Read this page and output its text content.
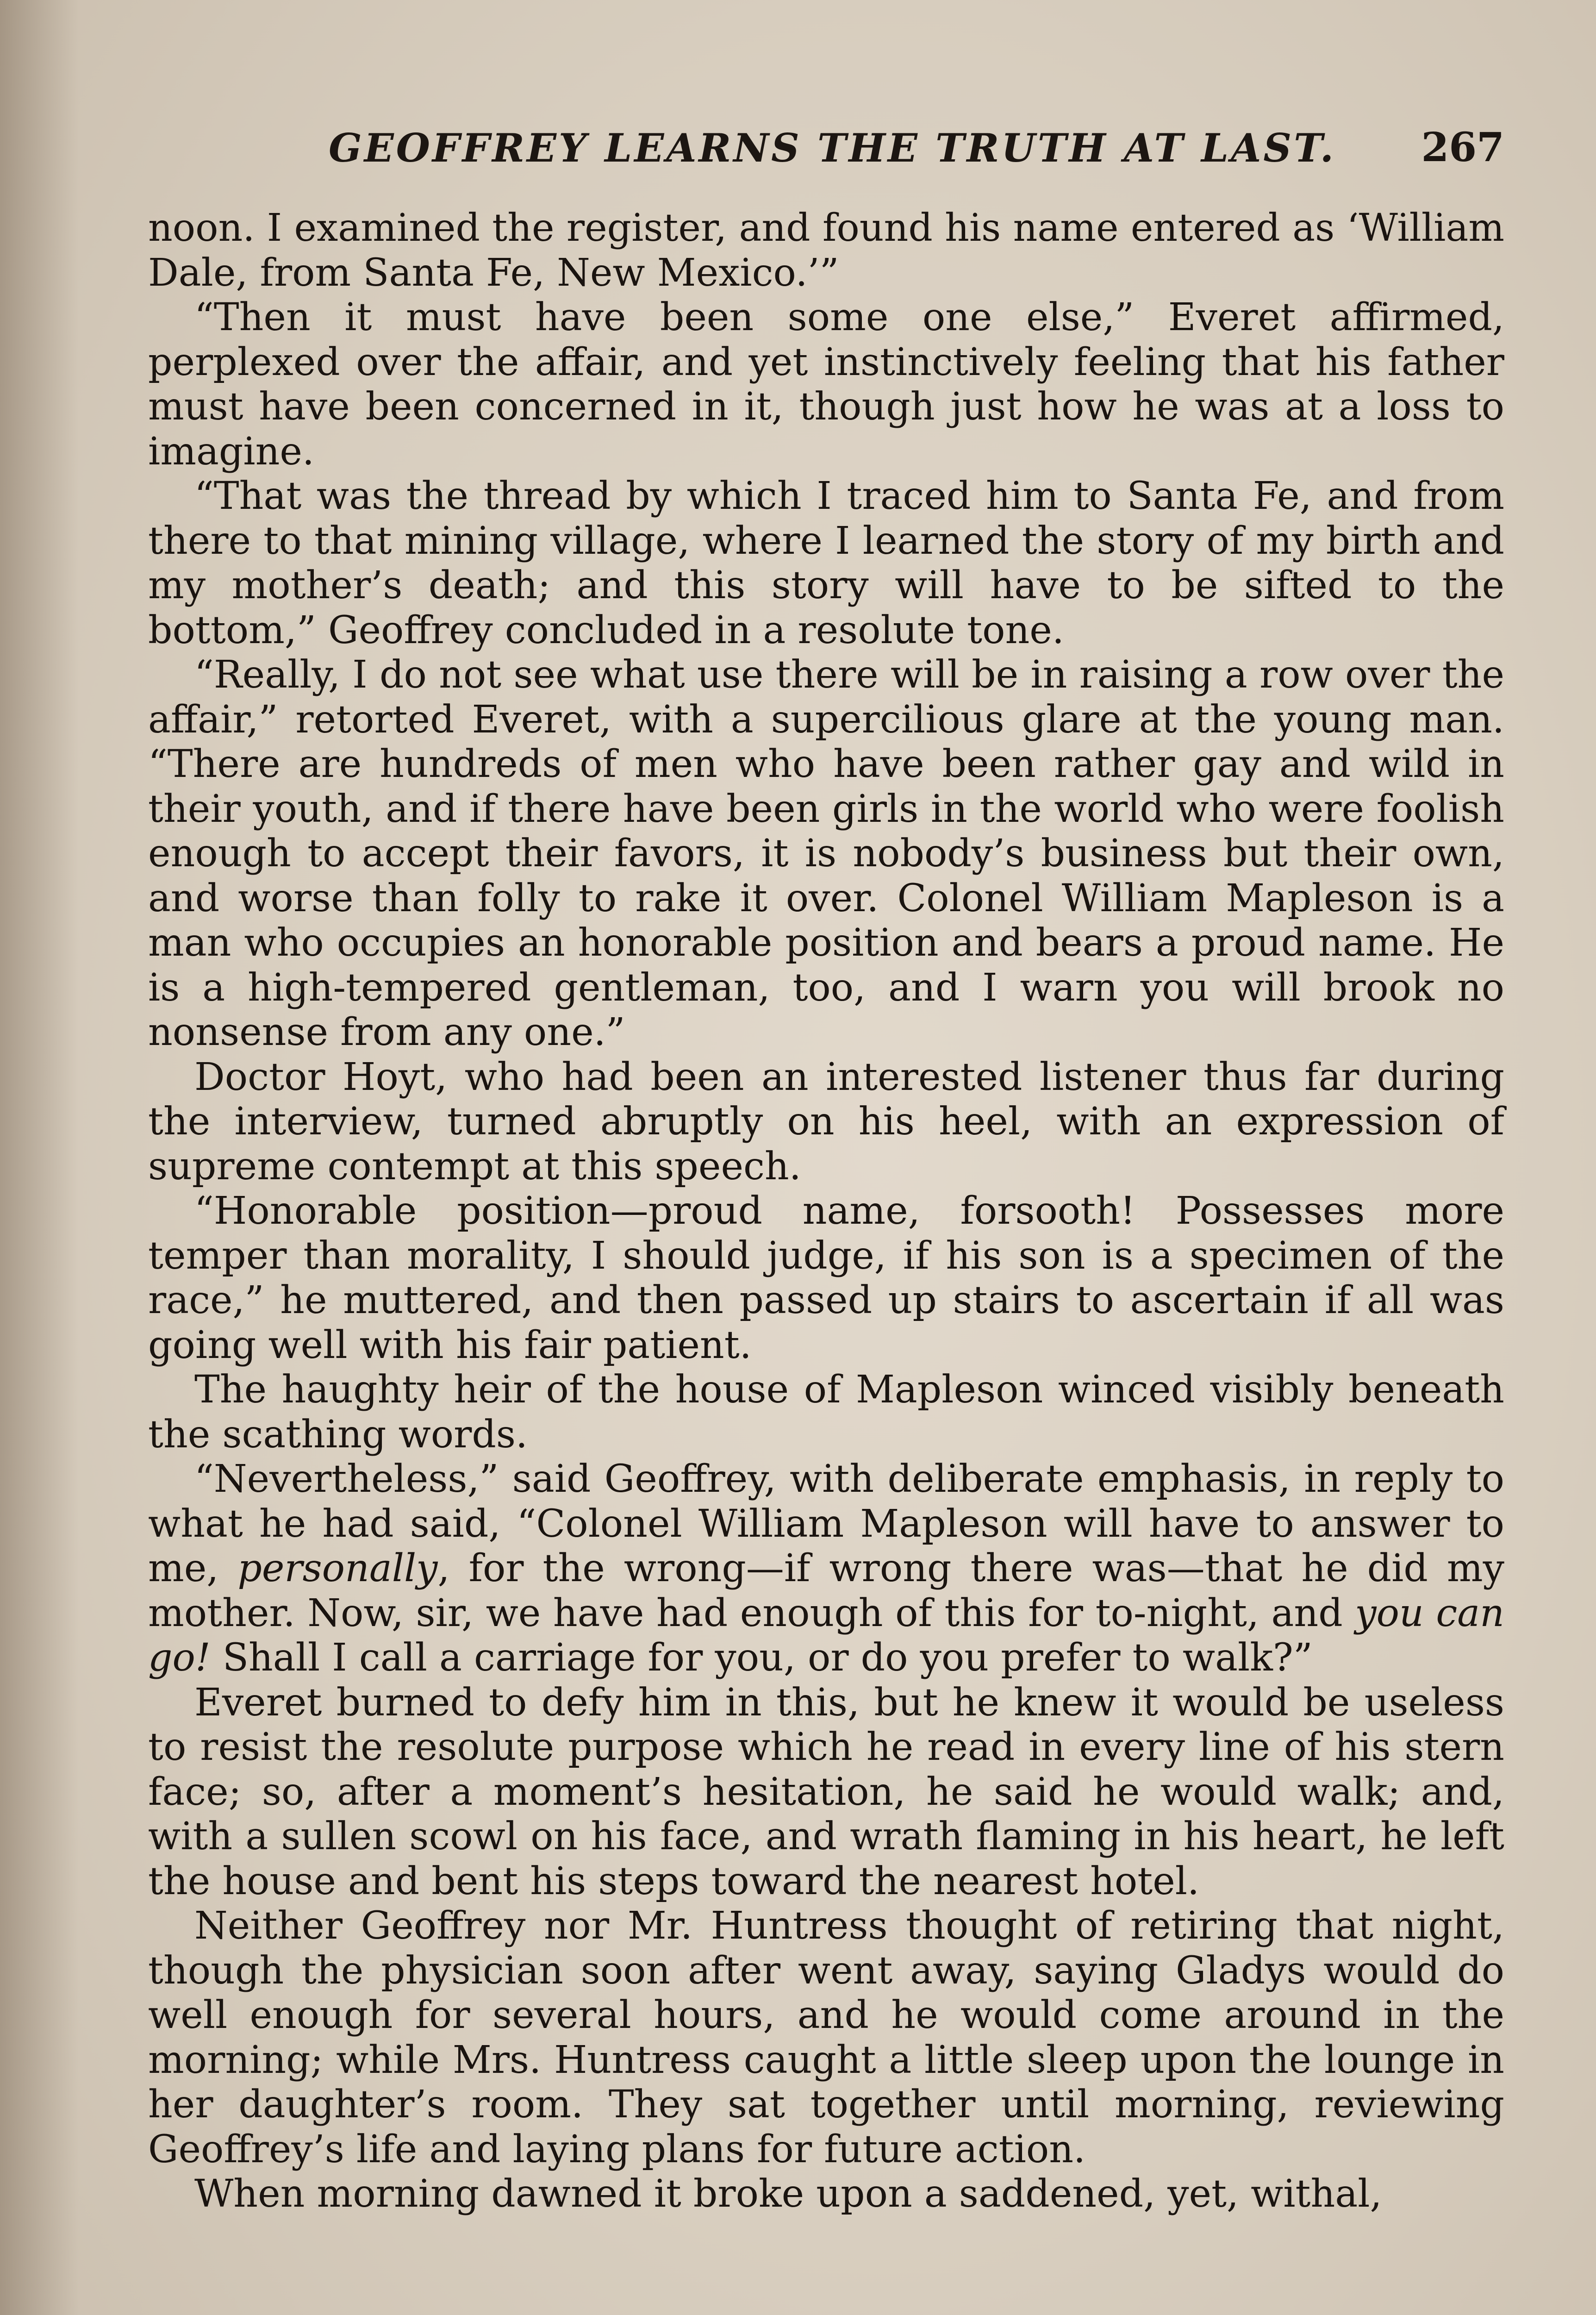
GEOFFREY LEARNS THE TRUTH AT LAST. 267

noon. I examined the register, and found his name entered as ‘William Dale, from Santa Fe, New Mexico.’”

“Then it must have been some one else,” Everet affirmed, perplexed over the affair, and yet instinctively feeling that his father must have been concerned in it, though just how he was at a loss to imagine.

“That was the thread by which I traced him to Santa Fe, and from there to that mining village, where I learned the story of my birth and my mother’s death; and this story will have to be sifted to the bottom,” Geoffrey concluded in a resolute tone.

“Really, I do not see what use there will be in raising a row over the affair,” retorted Everet, with a supercilious glare at the young man. “There are hundreds of men who have been rather gay and wild in their youth, and if there have been girls in the world who were foolish enough to accept their favors, it is nobody’s business but their own, and worse than folly to rake it over. Colonel William Mapleson is a man who occupies an honorable position and bears a proud name. He is a high-tempered gentleman, too, and I warn you will brook no nonsense from any one.”

Doctor Hoyt, who had been an interested listener thus far during the interview, turned abruptly on his heel, with an expression of supreme contempt at this speech.

“Honorable position—proud name, forsooth! Possesses more temper than morality, I should judge, if his son is a specimen of the race,” he muttered, and then passed up stairs to ascertain if all was going well with his fair patient.

The haughty heir of the house of Mapleson winced visibly beneath the scathing words.

“Nevertheless,” said Geoffrey, with deliberate emphasis, in reply to what he had said, “Colonel William Mapleson will have to answer to me, personally, for the wrong—if wrong there was—that he did my mother. Now, sir, we have had enough of this for to-night, and you can go! Shall I call a carriage for you, or do you prefer to walk?”

Everet burned to defy him in this, but he knew it would be useless to resist the resolute purpose which he read in every line of his stern face; so, after a moment’s hesitation, he said he would walk; and, with a sullen scowl on his face, and wrath flaming in his heart, he left the house and bent his steps toward the nearest hotel.

Neither Geoffrey nor Mr. Huntress thought of retiring that night, though the physician soon after went away, saying Gladys would do well enough for several hours, and he would come around in the morning; while Mrs. Huntress caught a little sleep upon the lounge in her daughter’s room. They sat together until morning, reviewing Geoffrey’s life and laying plans for future action.

When morning dawned it broke upon a saddened, yet, withal,
